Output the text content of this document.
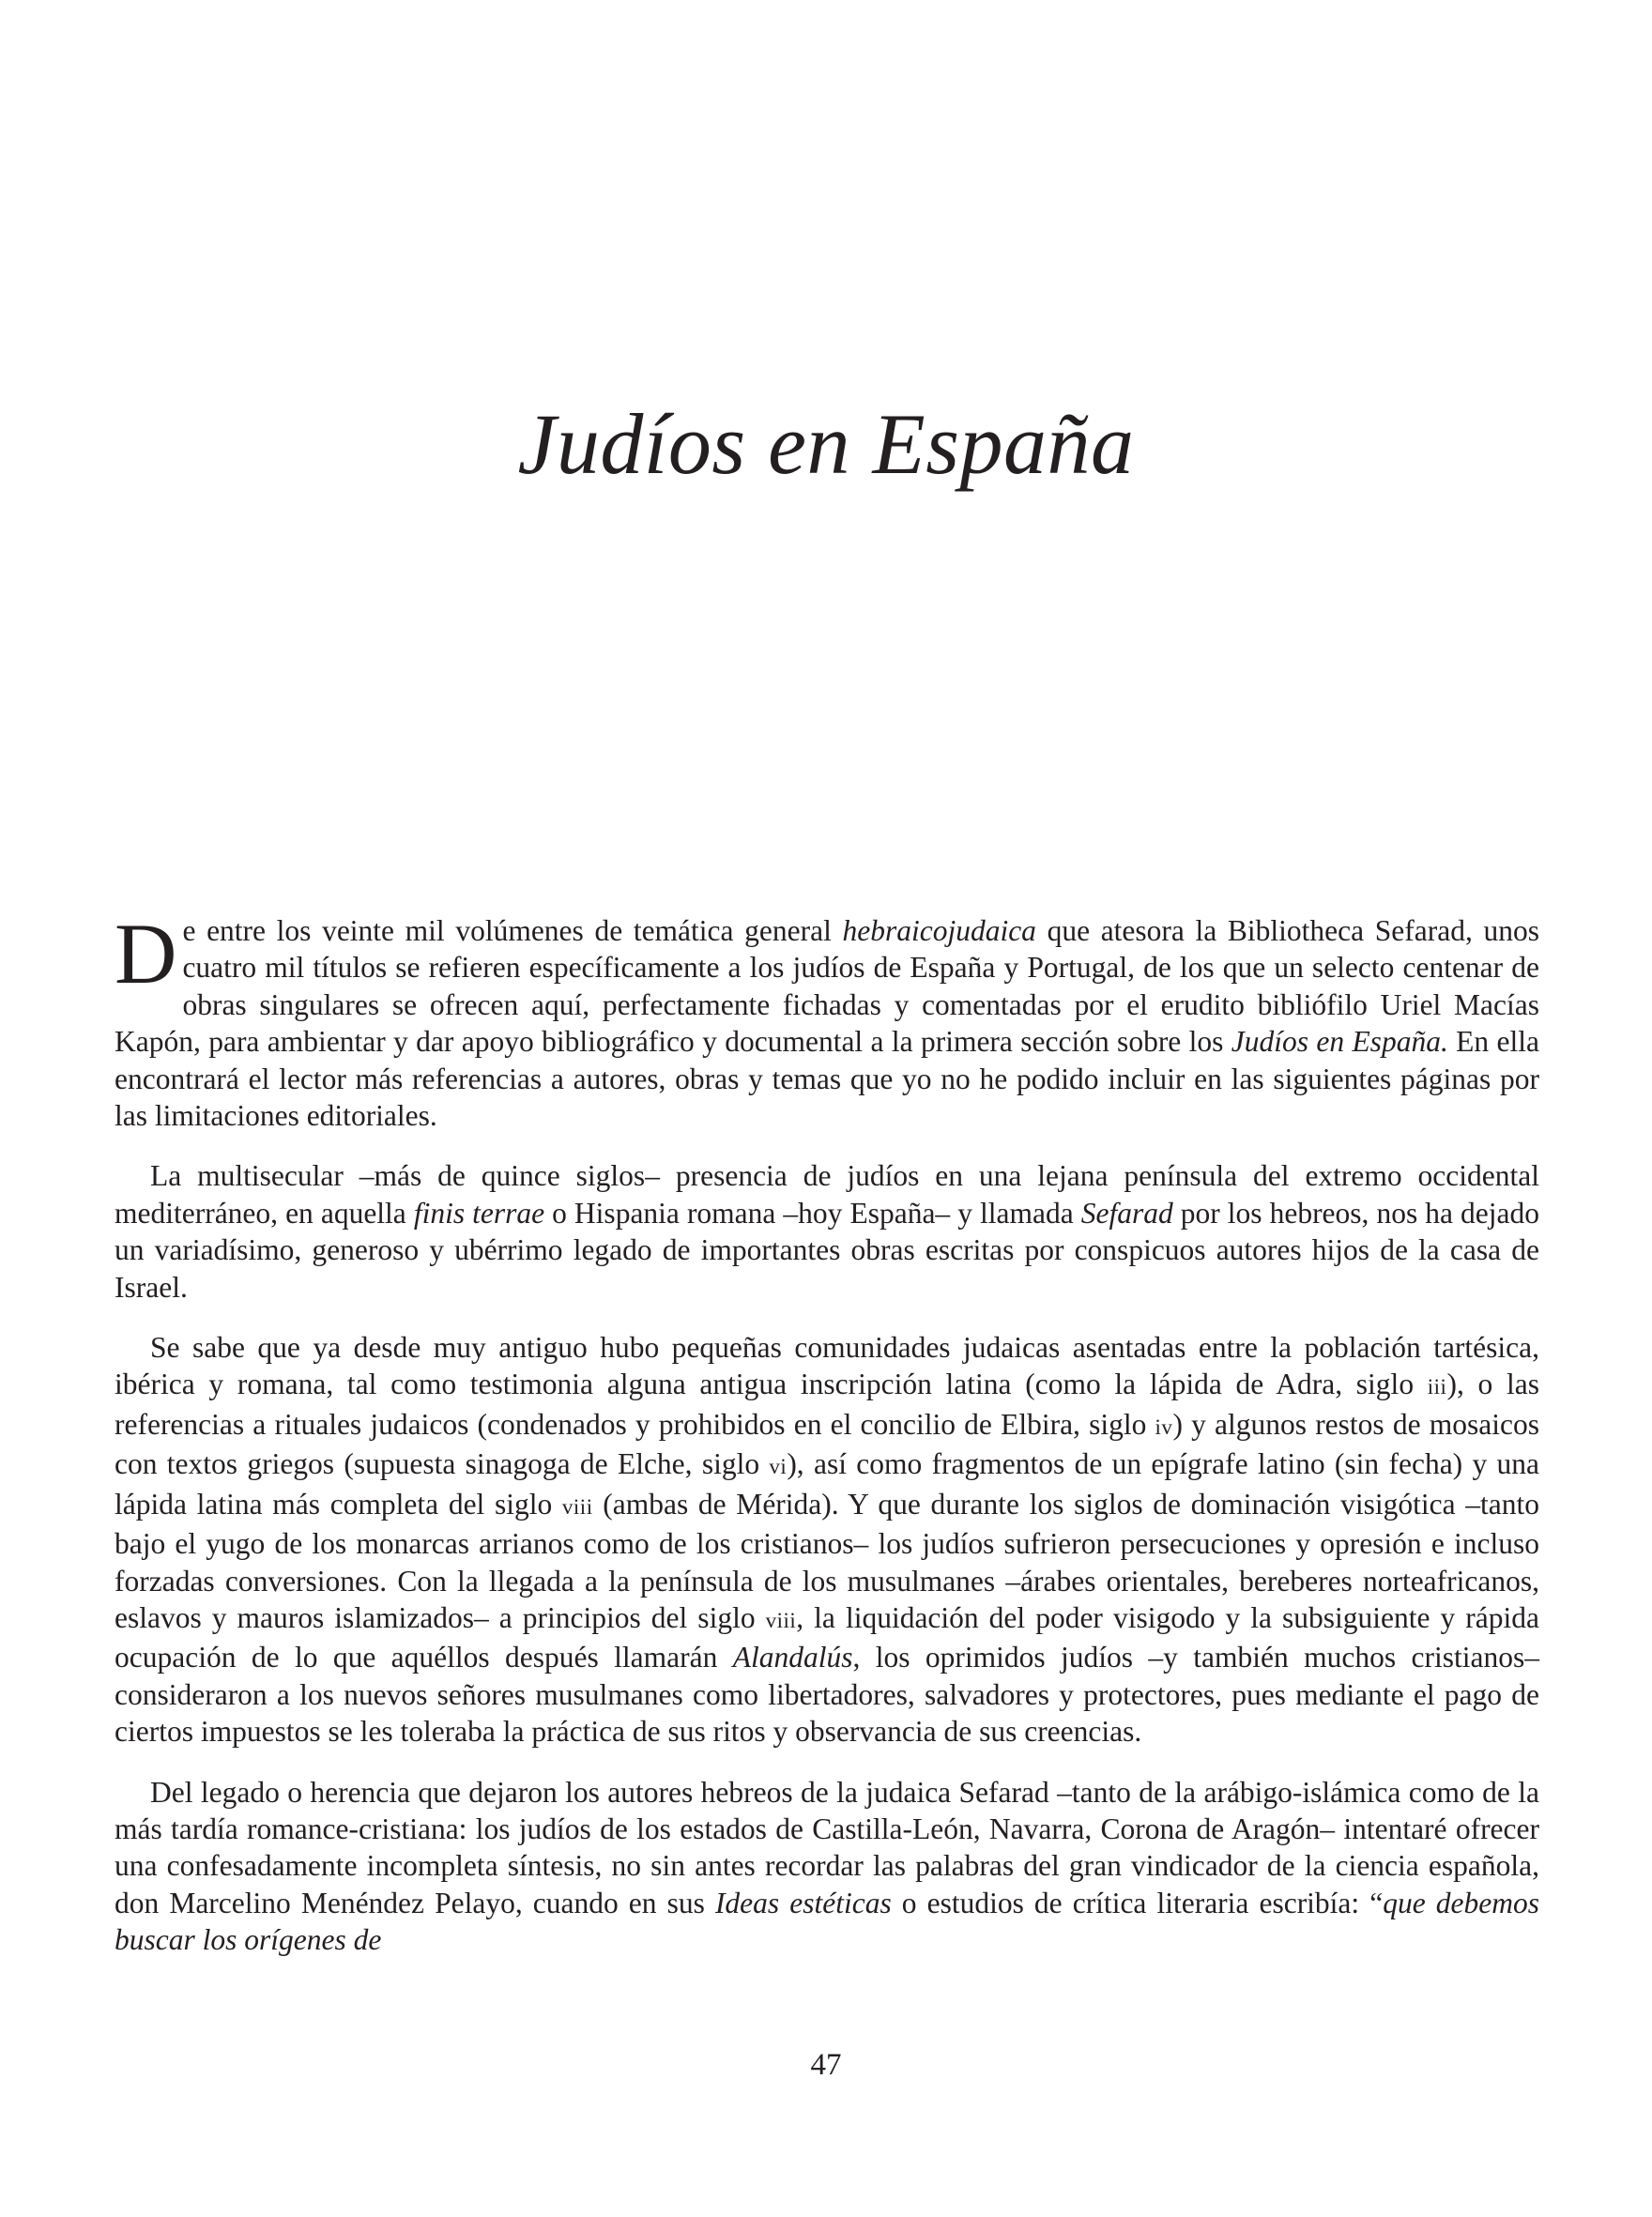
Judíos en España

De entre los veinte mil volúmenes de temática general hebraicojudaica que atesora la Bibliotheca Sefarad, unos cuatro mil títulos se refieren específicamente a los judíos de España y Portugal, de los que un selecto centenar de obras singulares se ofrecen aquí, perfectamente fichadas y comentadas por el erudito bibliófilo Uriel Macías Kapón, para ambientar y dar apoyo bibliográfico y documental a la primera sección sobre los Judíos en España. En ella encontrará el lector más referencias a autores, obras y temas que yo no he podido incluir en las siguientes páginas por las limitaciones editoriales.

La multisecular –más de quince siglos– presencia de judíos en una lejana península del extremo occidental mediterráneo, en aquella finis terrae o Hispania romana –hoy España– y llamada Sefarad por los hebreos, nos ha dejado un variadísimo, generoso y ubérrimo legado de importantes obras escritas por conspicuos autores hijos de la casa de Israel.

Se sabe que ya desde muy antiguo hubo pequeñas comunidades judaicas asentadas entre la población tartésica, ibérica y romana, tal como testimonia alguna antigua inscripción latina (como la lápida de Adra, siglo iii), o las referencias a rituales judaicos (condenados y prohibidos en el concilio de Elbira, siglo iv) y algunos restos de mosaicos con textos griegos (supuesta sinagoga de Elche, siglo vi), así como fragmentos de un epígrafe latino (sin fecha) y una lápida latina más completa del siglo viii (ambas de Mérida). Y que durante los siglos de dominación visigótica –tanto bajo el yugo de los monarcas arrianos como de los cristianos– los judíos sufrieron persecuciones y opresión e incluso forzadas conversiones. Con la llegada a la península de los musulmanes –árabes orientales, bereberes norteafricanos, eslavos y mauros islamizados– a principios del siglo viii, la liquidación del poder visigodo y la subsiguiente y rápida ocupación de lo que aquéllos después llamarán Alandalús, los oprimidos judíos –y también muchos cristianos– consideraron a los nuevos señores musulmanes como libertadores, salvadores y protectores, pues mediante el pago de ciertos impuestos se les toleraba la práctica de sus ritos y observancia de sus creencias.

Del legado o herencia que dejaron los autores hebreos de la judaica Sefarad –tanto de la arábigo-islámica como de la más tardía romance-cristiana: los judíos de los estados de Castilla-León, Navarra, Corona de Aragón– intentaré ofrecer una confesadamente incompleta síntesis, no sin antes recordar las palabras del gran vindicador de la ciencia española, don Marcelino Menéndez Pelayo, cuando en sus Ideas estéticas o estudios de crítica literaria escribía: “que debemos buscar los orígenes de

47
